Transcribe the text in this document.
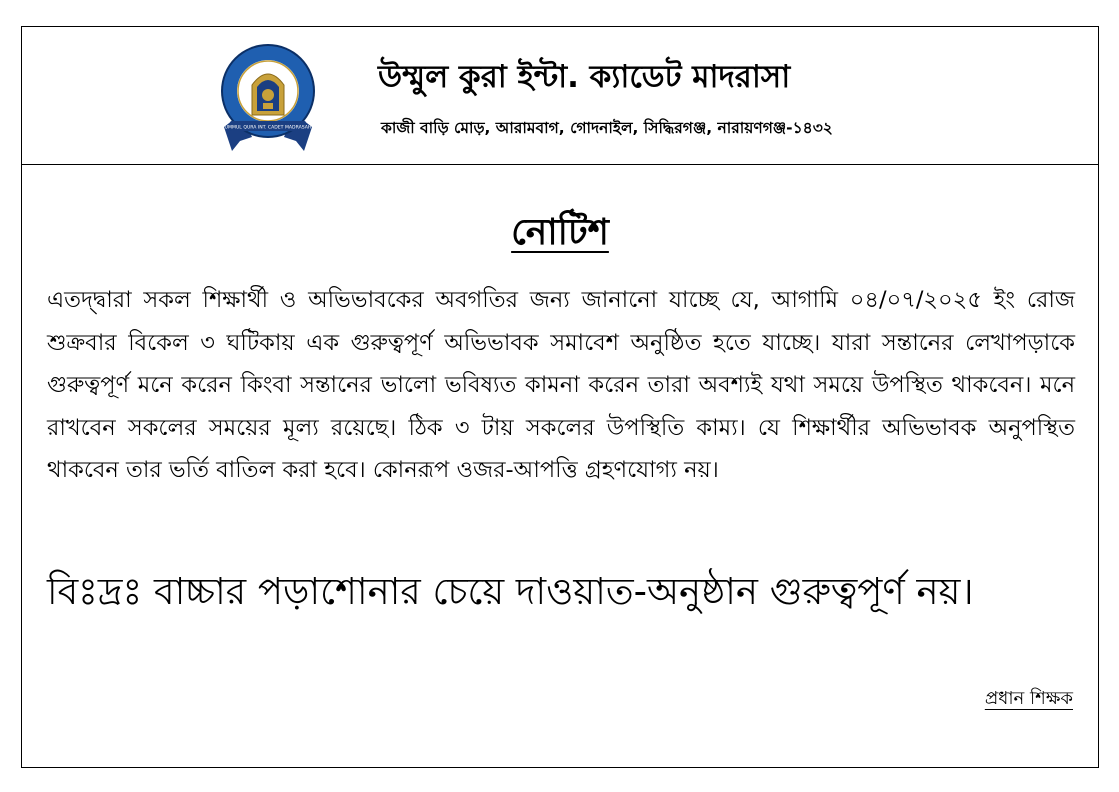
উম্মুল কুরা ইন্টারন্যাশনাল ক্যাডেট মাদরাসা
UMMUL QURA INT. CADET MADRASAH
উম্মুল কুরা ইন্টা. ক্যাডেট মাদরাসা
কাজী বাড়ি মোড়, আরামবাগ, গোদনাইল, সিদ্ধিরগঞ্জ, নারায়ণগঞ্জ-১৪৩২
নোটিশ
এতদ্দ্বারা সকল শিক্ষার্থী ও অভিভাবকের অবগতির জন্য জানানো যাচ্ছে যে, আগামি ০৪/০৭/২০২৫ ইং রোজ শুক্রবার বিকেল ৩ ঘটিকায় এক গুরুত্বপূর্ণ অভিভাবক সমাবেশ অনুষ্ঠিত হতে যাচ্ছে। যারা সন্তানের লেখাপড়াকে গুরুত্বপূর্ণ মনে করেন কিংবা সন্তানের ভালো ভবিষ্যত কামনা করেন তারা অবশ্যই যথা সময়ে উপস্থিত থাকবেন। মনে রাখবেন সকলের সময়ের মূল্য রয়েছে। ঠিক ৩ টায় সকলের উপস্থিতি কাম্য। যে শিক্ষার্থীর অভিভাবক অনুপস্থিত থাকবেন তার ভর্তি বাতিল করা হবে। কোনরূপ ওজর-আপত্তি গ্রহণযোগ্য নয়।
বিঃদ্রঃ বাচ্চার পড়াশোনার চেয়ে দাওয়াত-অনুষ্ঠান গুরুত্বপূর্ণ নয়।
প্রধান শিক্ষক
